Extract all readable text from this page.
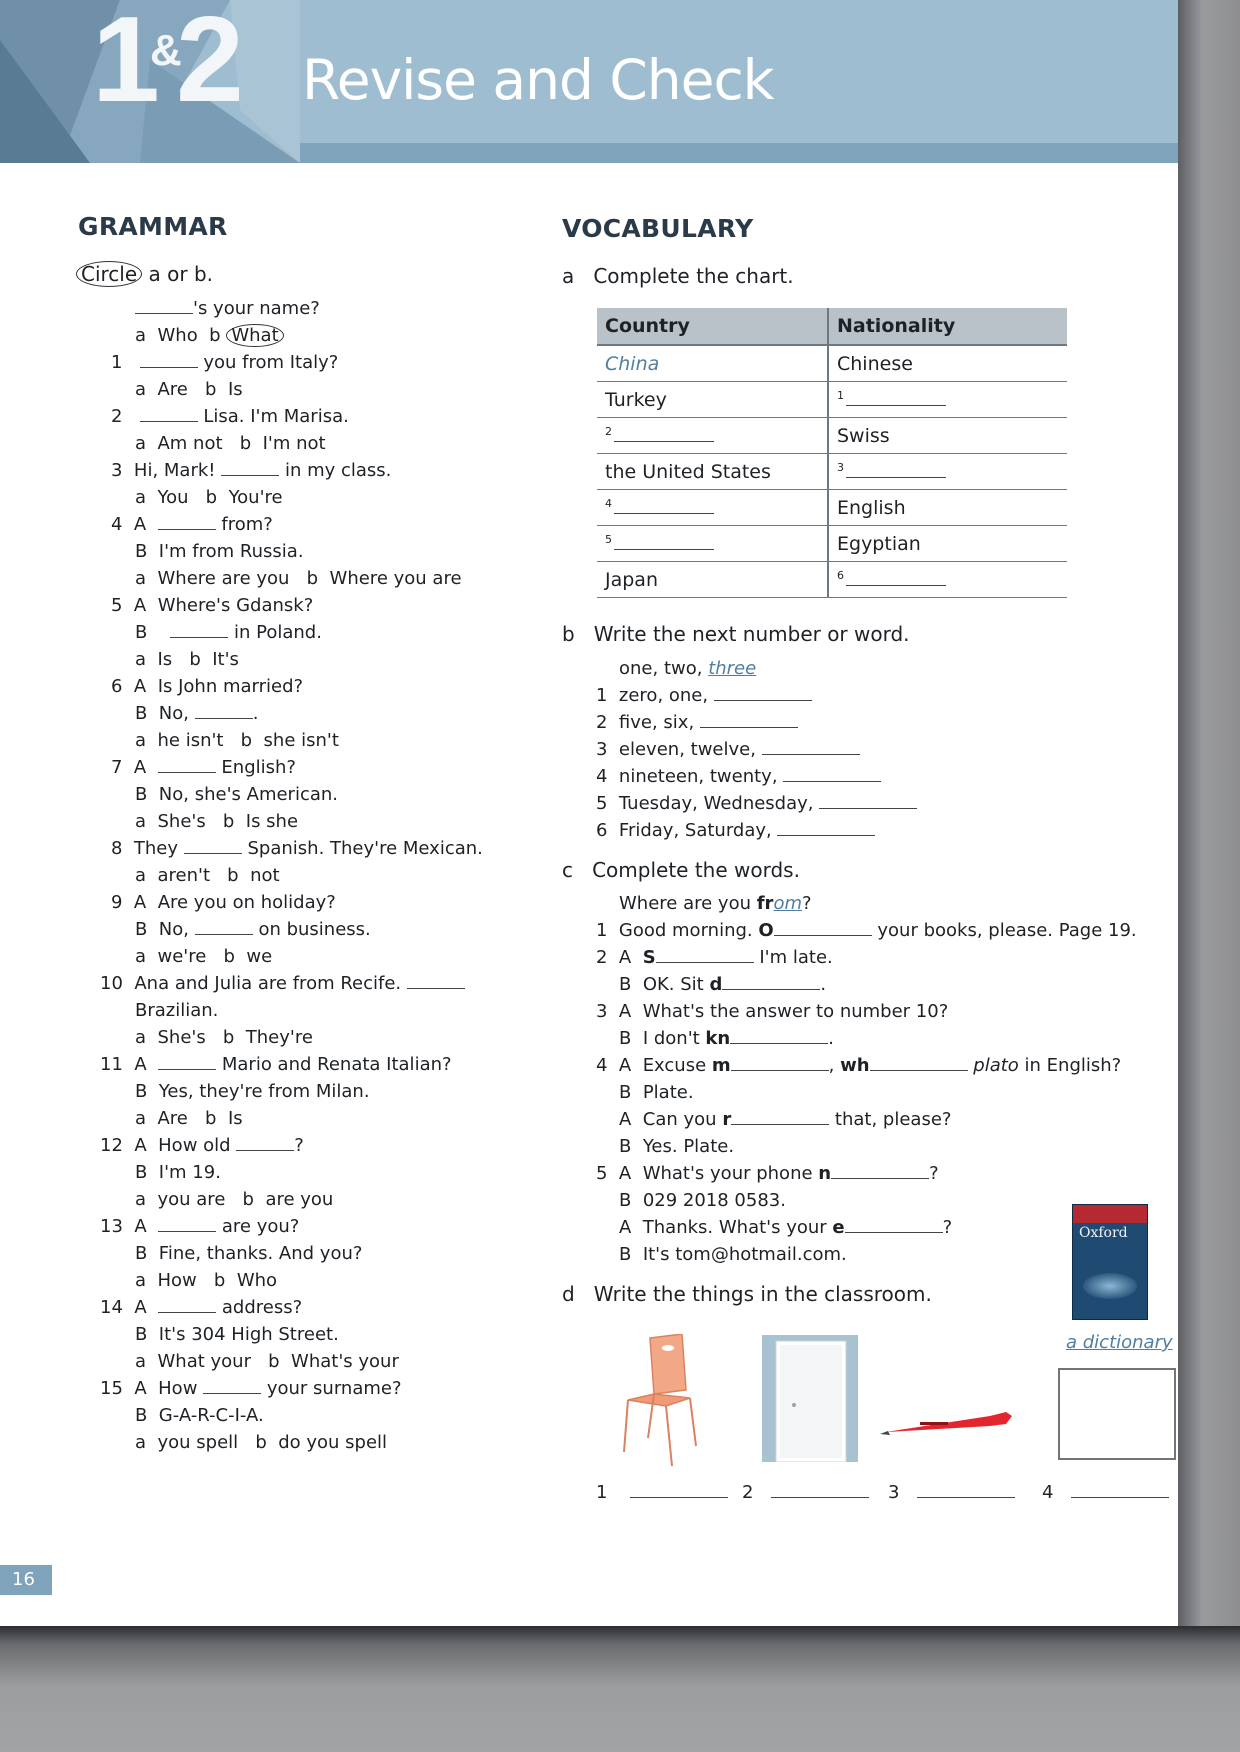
1
&
2 Revise and Check
GRAMMAR
Circle a or b.
's your name?
a Who b What
1	you from Italy?
a  Are   b  Is
2	Lisa. I'm Marisa.
a  Am not   b  I'm not
3 Hi, Mark!	in my class.
a  You   b  You're
4 A	from?
B  I'm from Russia.
a  Where are you   b  Where you are
5 A Where's Gdansk?
B	in Poland.
a  Is   b  It's
6 A Is John married?
B  No,	.
a  he isn't   b  she isn't
7 A	English?
B  No, she's American.
a  She's   b  Is she
8 They	Spanish. They're Mexican.
a  aren't   b  not
9 A Are you on holiday?
B  No,	on business.
a  we're   b  we
10 Ana and Julia are from Recife.
Brazilian.
a  She's   b  They're
11 A	Mario and Renata Italian?
B  Yes, they're from Milan.
a  Are   b  Is
12 A How old	?
B  I'm 19.
a  you are   b  are you
13 A	are you?
B  Fine, thanks. And you?
a  How   b  Who
14 A	address?
B  It's 304 High Street.
a  What your   b  What's your
15 A How	your surname?
B  G-A-R-C-I-A.
a  you spell   b  do you spell
VOCABULARY
a Complete the chart.
Country	Nationality
China	Chinese
Turkey	$^1$
$^2$	Swiss
the United States	$^3$
$^4$	English
$^5$	Egyptian
Japan	$^6$
b Write the next number or word.
one, two, three
1 zero, one,
2 five, six,
3 eleven, twelve,
4 nineteen, twenty,
5 Tuesday, Wednesday,
6 Friday, Saturday,
c Complete the words.
Where are you from?
1 Good morning. O	your books, please. Page 19.
2 A S	I'm late.
B OK. Sit d	.
3 A What's the answer to number 10?
B I don't kn	.
4 A Excuse m	, wh	plato in English?
B Plate.
A Can you r	that, please?
B Yes. Plate.
5 A What's your phone n	?
B 029 2018 0583.
A Thanks. What's your e	?
B It's tom@hotmail.com.
Oxford
a dictionary
d Write the things in the classroom.
1	2	3	4
16
